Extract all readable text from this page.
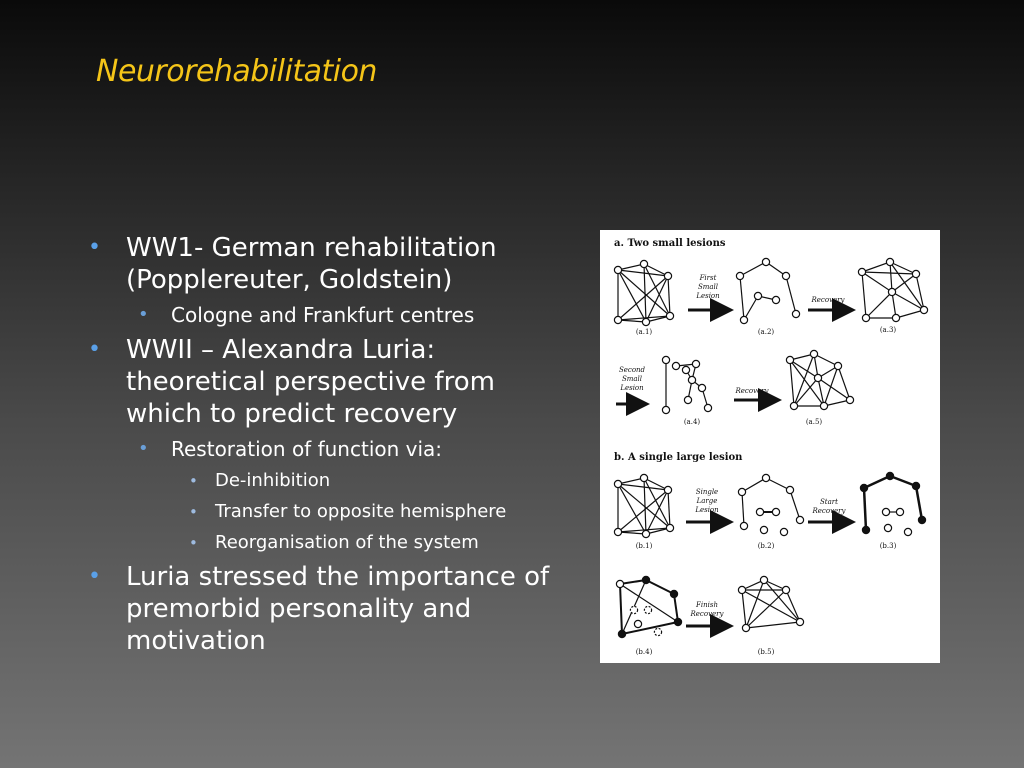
Neurorehabilitation
• WW1- German rehabilitation (Popplereuter, Goldstein)
• Cologne and Frankfurt centres
• WWII – Alexandra Luria: theoretical perspective from which to predict recovery
• Restoration of function via:
• De-inhibition
• Transfer to opposite hemisphere
• Reorganisation of the system
• Luria stressed the importance of premorbid personality and motivation
a. Two small lesions
b. A single large lesion
First
Small
Lesion	Recovery
Second
Small
Lesion	Recovery
Single
Large
Lesion
Start
Recovery
Finish
Recovery
(a.1)	(a.2)	(a.3)
(a.4)	(a.5)
(b.1)	(b.2)	(b.3)
(b.4)	(b.5)
